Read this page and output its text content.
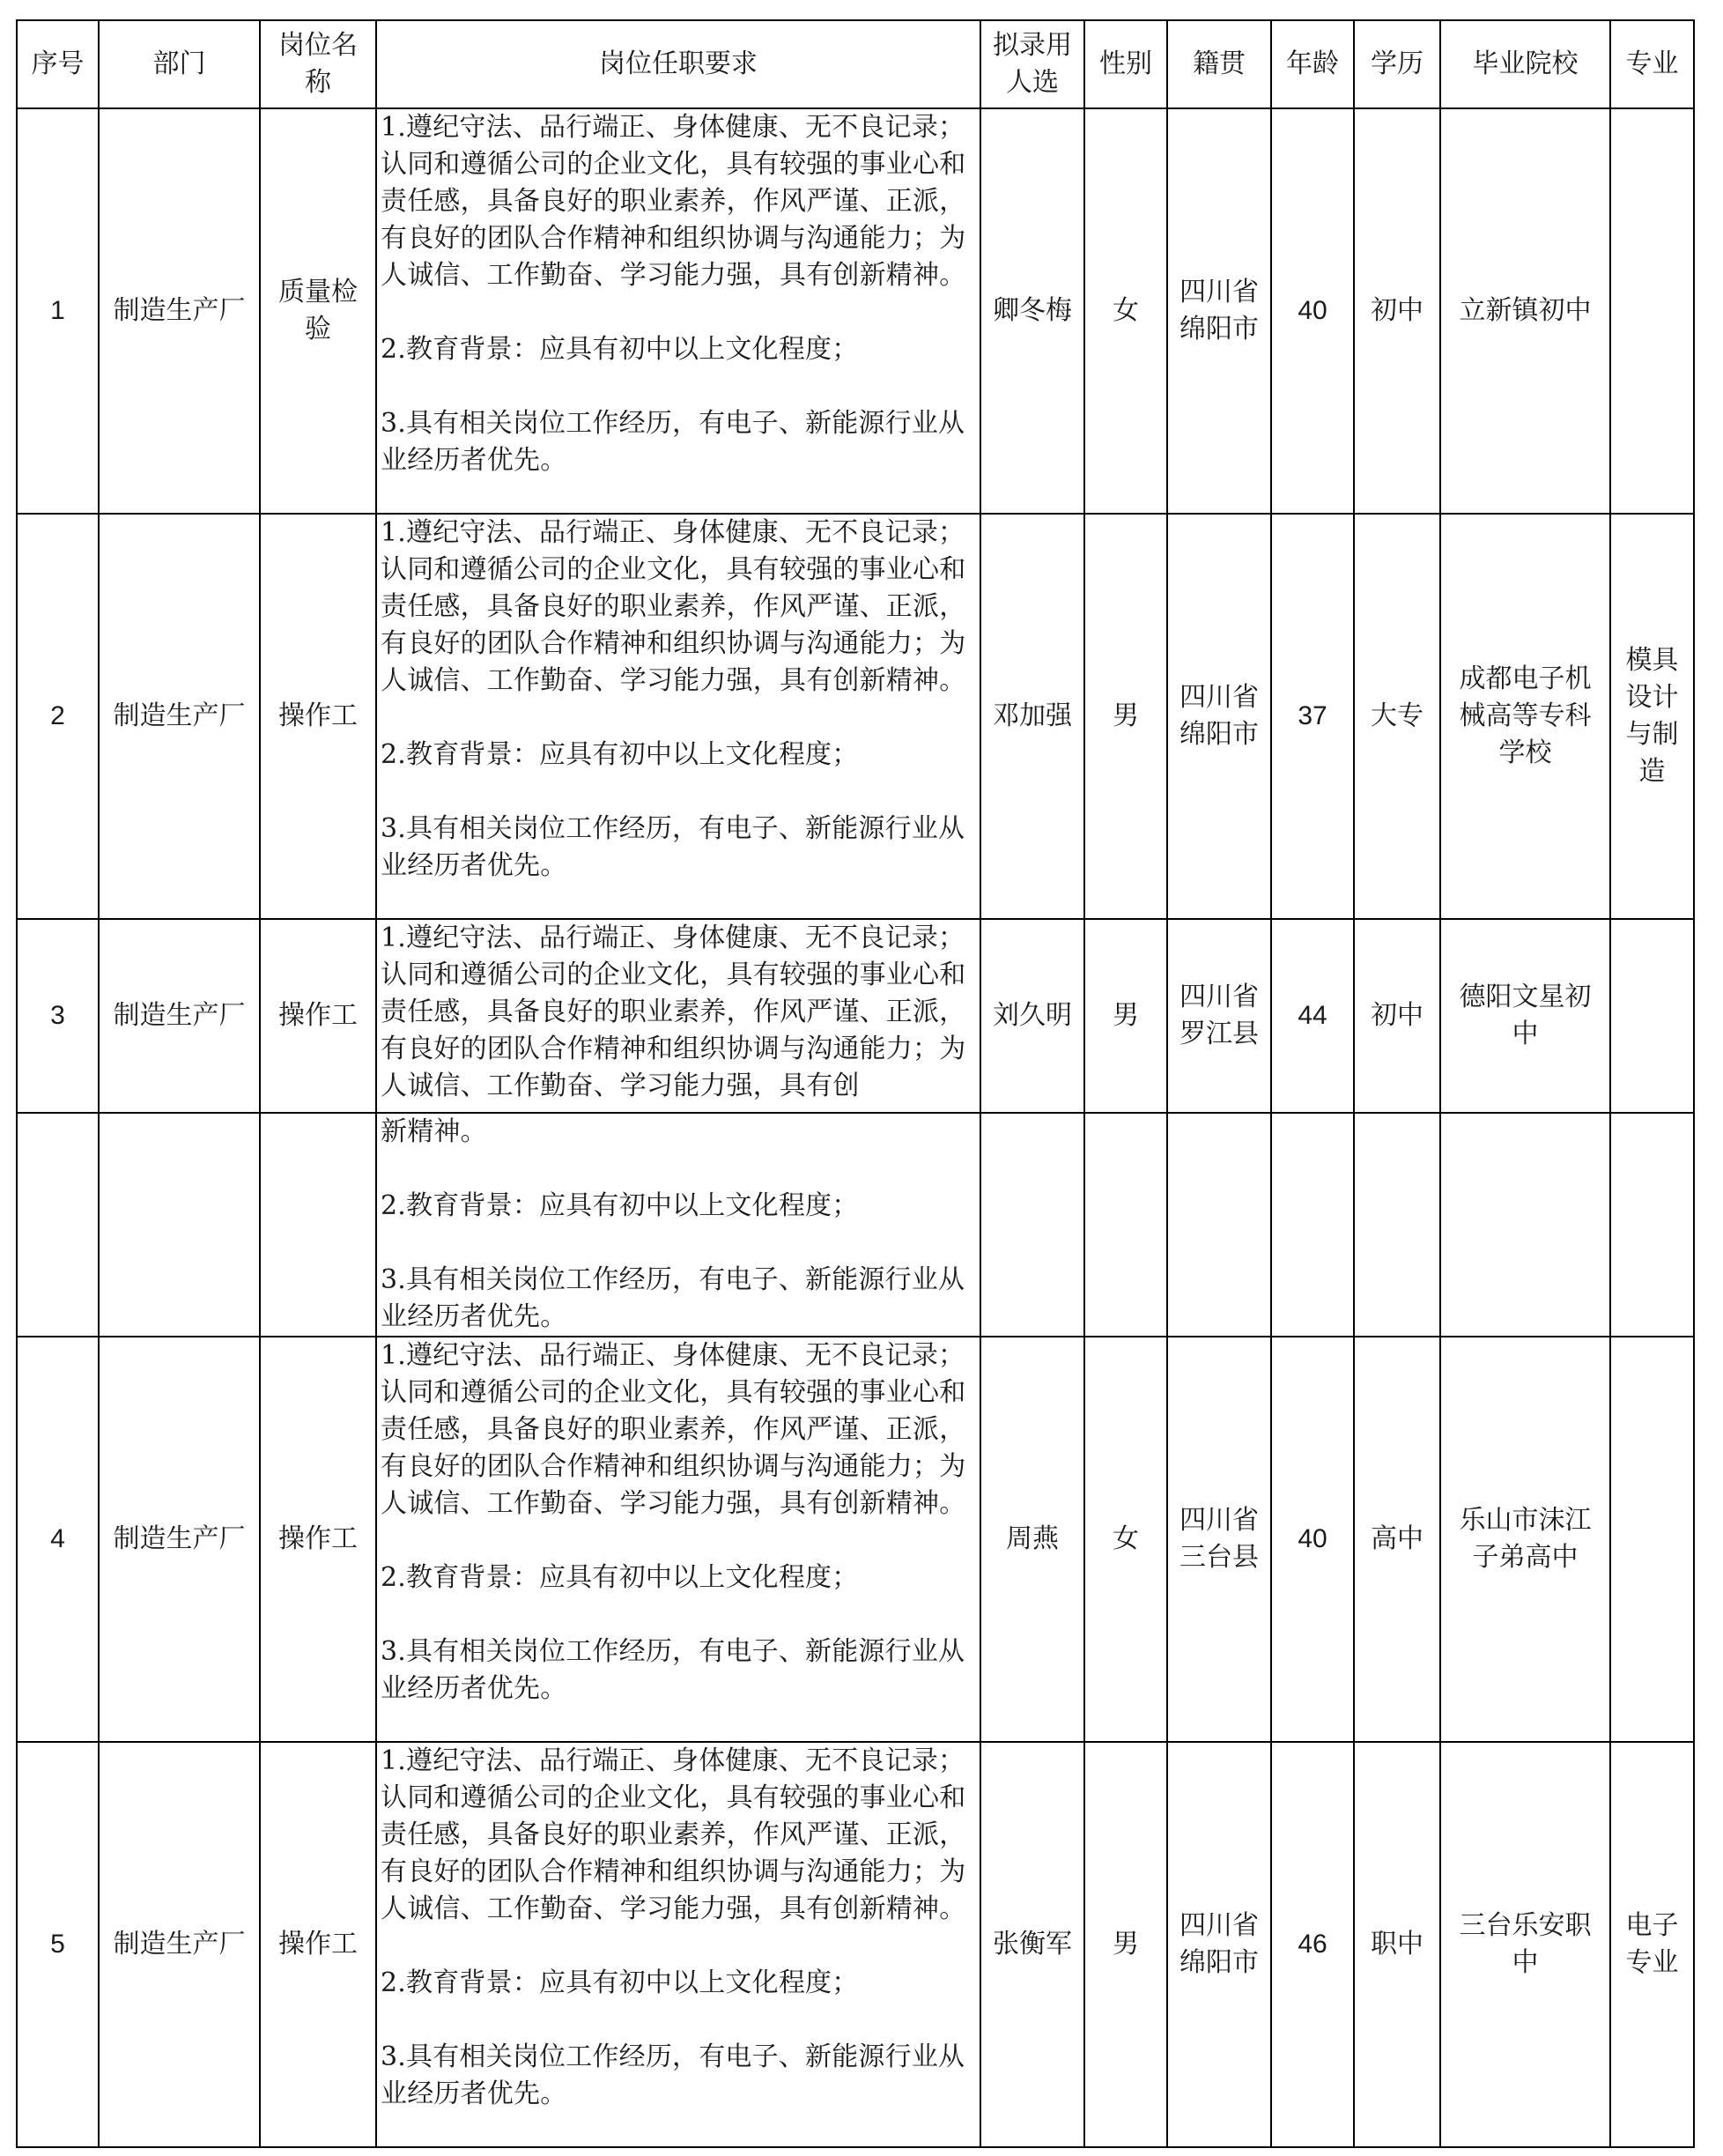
序号	部门	岗位名称	岗位任职要求	拟录用人选	性别	籍贯	年龄	学历	毕业院校	专业
1	制造生产厂	质量检验	1.遵纪守法、品行端正、身体健康、无不良记录；认同和遵循公司的企业文化，具有较强的事业心和责任感，具备良好的职业素养，作风严谨、正派，有良好的团队合作精神和组织协调与沟通能力；为人诚信、工作勤奋、学习能力强，具有创新精神。

2.教育背景：应具有初中以上文化程度；

3.具有相关岗位工作经历，有电子、新能源行业从业经历者优先。	卿冬梅	女	四川省绵阳市	40	初中	立新镇初中	

2	制造生产厂	操作工	1.遵纪守法、品行端正、身体健康、无不良记录；认同和遵循公司的企业文化，具有较强的事业心和责任感，具备良好的职业素养，作风严谨、正派，有良好的团队合作精神和组织协调与沟通能力；为人诚信、工作勤奋、学习能力强，具有创新精神。

2.教育背景：应具有初中以上文化程度；

3.具有相关岗位工作经历，有电子、新能源行业从业经历者优先。	邓加强	男	四川省绵阳市	37	大专	成都电子机械高等专科学校	模具设计与制造

3	制造生产厂	操作工	1.遵纪守法、品行端正、身体健康、无不良记录；认同和遵循公司的企业文化，具有较强的事业心和责任感，具备良好的职业素养，作风严谨、正派，有良好的团队合作精神和组织协调与沟通能力；为人诚信、工作勤奋、学习能力强，具有创	刘久明	男	四川省罗江县	44	初中	德阳文星初中	

			新精神。

2.教育背景：应具有初中以上文化程度；

3.具有相关岗位工作经历，有电子、新能源行业从业经历者优先。							

4	制造生产厂	操作工	1.遵纪守法、品行端正、身体健康、无不良记录；认同和遵循公司的企业文化，具有较强的事业心和责任感，具备良好的职业素养，作风严谨、正派，有良好的团队合作精神和组织协调与沟通能力；为人诚信、工作勤奋、学习能力强，具有创新精神。

2.教育背景：应具有初中以上文化程度；

3.具有相关岗位工作经历，有电子、新能源行业从业经历者优先。	周燕	女	四川省三台县	40	高中	乐山市沫江子弟高中	

5	制造生产厂	操作工	1.遵纪守法、品行端正、身体健康、无不良记录；认同和遵循公司的企业文化，具有较强的事业心和责任感，具备良好的职业素养，作风严谨、正派，有良好的团队合作精神和组织协调与沟通能力；为人诚信、工作勤奋、学习能力强，具有创新精神。

2.教育背景：应具有初中以上文化程度；

3.具有相关岗位工作经历，有电子、新能源行业从业经历者优先。	张衡军	男	四川省绵阳市	46	职中	三台乐安职中	电子专业
